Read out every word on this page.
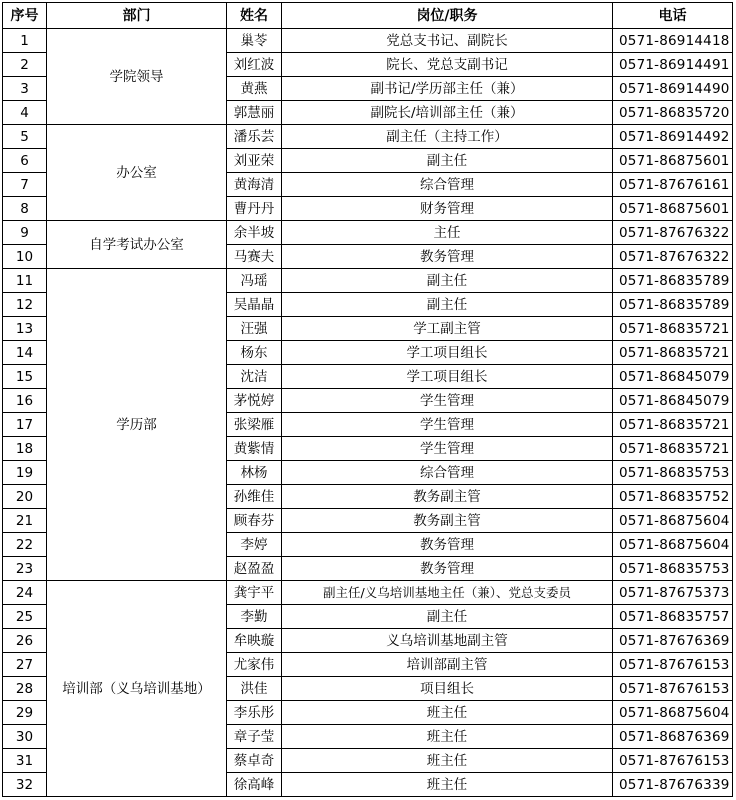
序号	部门	姓名	岗位/职务	电话
1	学院领导	巢苓	党总支书记、副院长	0571-86914418
2		刘红波	院长、党总支副书记	0571-86914491
3		黄燕	副书记/学历部主任（兼）	0571-86914490
4		郭慧丽	副院长/培训部主任（兼）	0571-86835720
5	办公室	潘乐芸	副主任（主持工作）	0571-86914492
6		刘亚荣	副主任	0571-86875601
7		黄海清	综合管理	0571-87676161
8		曹丹丹	财务管理	0571-86875601
9	自学考试办公室	余半坡	主任	0571-87676322
10		马赛夫	教务管理	0571-87676322
11	学历部	冯瑶	副主任	0571-86835789
12		吴晶晶	副主任	0571-86835789
13		汪强	学工副主管	0571-86835721
14		杨东	学工项目组长	0571-86835721
15		沈洁	学工项目组长	0571-86845079
16		茅悦婷	学生管理	0571-86845079
17		张梁雁	学生管理	0571-86835721
18		黄紫情	学生管理	0571-86835721
19		林杨	综合管理	0571-86835753
20		孙维佳	教务副主管	0571-86835752
21		顾春芬	教务副主管	0571-86875604
22		李婷	教务管理	0571-86875604
23		赵盈盈	教务管理	0571-86835753
24	培训部（义乌培训基地）	龚宇平	副主任/义乌培训基地主任（兼）、党总支委员	0571-87675373
25		李勤	副主任	0571-86835757
26		牟映璇	义乌培训基地副主管	0571-87676369
27		尤家伟	培训部副主管	0571-87676153
28		洪佳	项目组长	0571-87676153
29		李乐彤	班主任	0571-86875604
30		章子莹	班主任	0571-86876369
31		蔡卓奇	班主任	0571-87676153
32		徐高峰	班主任	0571-87676339
